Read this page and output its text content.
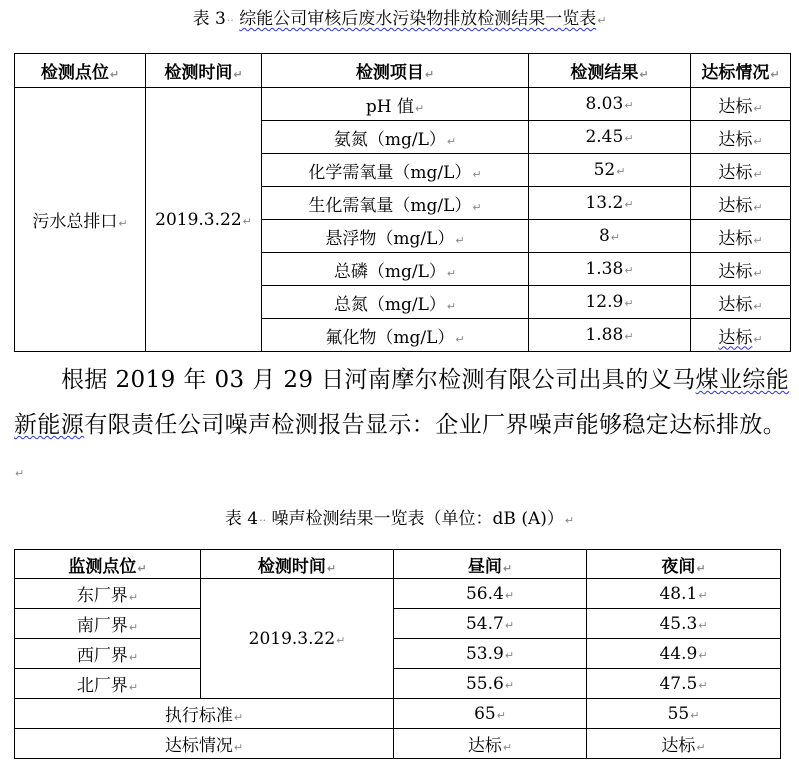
表 3·· 综能公司审核后废水污染物排放检测结果一览表↵
检测点位↵	检测时间↵	检测项目↵	检测结果↵	达标情况↵
污水总排口↵	2019.3.22↵	pH 值↵	8.03↵	达标↵
		氨氮（mg/L）↵	2.45↵	达标↵
		化学需氧量（mg/L）↵	52↵	达标↵
		生化需氧量（mg/L）↵	13.2↵	达标↵
		悬浮物（mg/L）↵	8↵	达标↵
		总磷（mg/L）↵	1.38↵	达标↵
		总氮（mg/L）↵	12.9↵	达标↵
		氟化物（mg/L）↵	1.88↵	达标↵
根据 2019 年 03 月 29 日河南摩尔检测有限公司出具的义马煤业综能新能源有限责任公司噪声检测报告显示：企业厂界噪声能够稳定达标排放。↵
表 4·· 噪声检测结果一览表（单位：dB (A)）↵
监测点位↵	检测时间↵	昼间↵	夜间↵
东厂界↵	2019.3.22↵	56.4↵	48.1↵
南厂界↵		54.7↵	45.3↵
西厂界↵		53.9↵	44.9↵
北厂界↵		55.6↵	47.5↵
执行标准↵		65↵	55↵
达标情况↵		达标↵	达标↵
